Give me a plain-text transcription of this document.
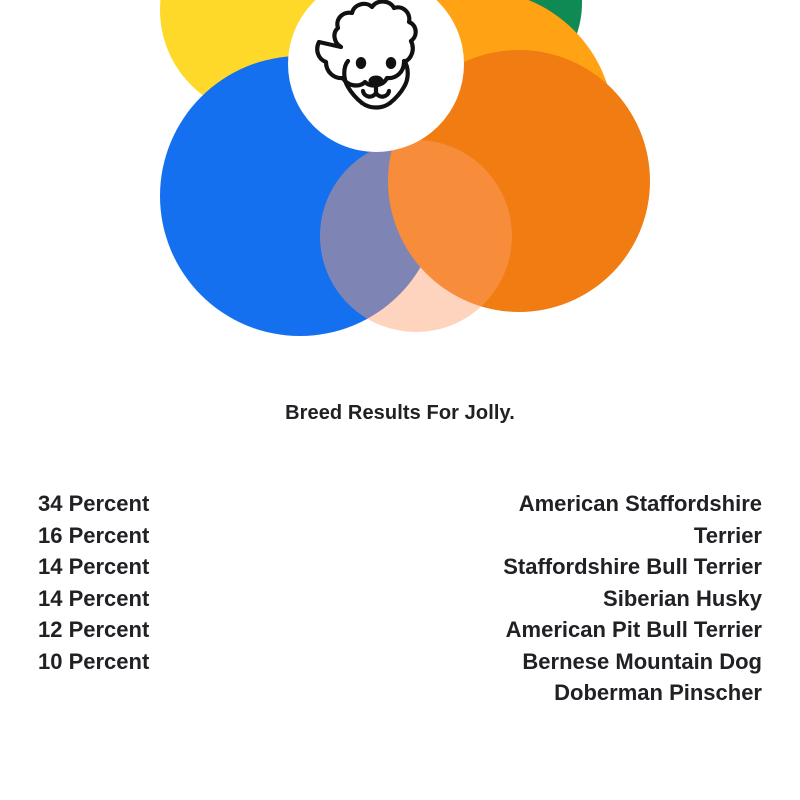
Breed Results For Jolly.
34 Percent
16 Percent
14 Percent
14 Percent
12 Percent
10 Percent
American Staffordshire Terrier
Staffordshire Bull Terrier
Siberian Husky
American Pit Bull Terrier
Bernese Mountain Dog
Doberman Pinscher
